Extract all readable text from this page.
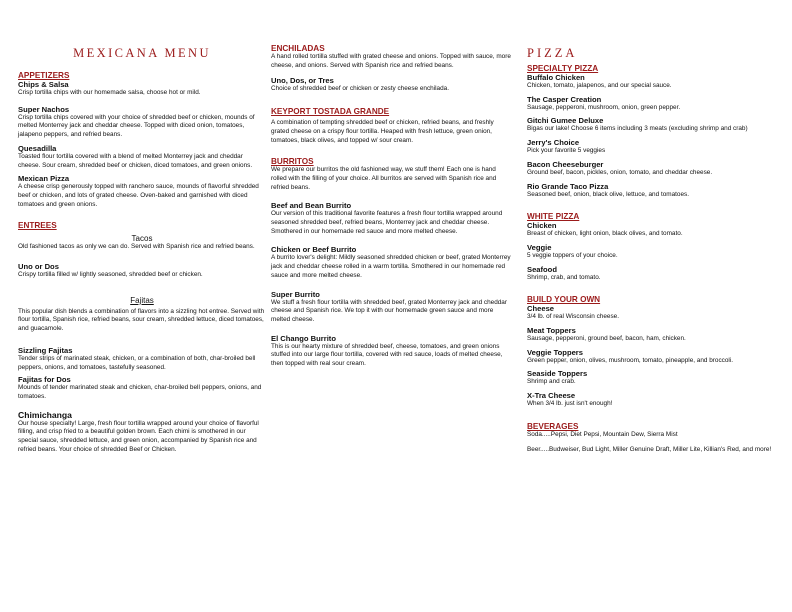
MEXICANA MENU
APPETIZERS
Chips & Salsa
Crisp tortilla chips with our homemade salsa, choose hot or mild.
Super Nachos
Crisp tortilla chips covered with your choice of shredded beef or chicken, mounds of melted Monterrey jack and cheddar cheese. Topped with diced onion, tomatoes, jalapeno peppers, and refried beans.
Quesadilla
Toasted flour tortilla covered with a blend of melted Monterrey jack and cheddar cheese. Sour cream, shredded beef or chicken, diced tomatoes, and green onions.
Mexican Pizza
A cheese crisp generously topped with ranchero sauce, mounds of flavorful shredded beef or chicken, and lots of grated cheese. Oven-baked and garnished with diced tomatoes and green onions.
ENTREES
Tacos
Old fashioned tacos as only we can do. Served with Spanish rice and refried beans.
Uno or Dos
Crispy tortilla filled w/ lightly seasoned, shredded beef or chicken.
Fajitas
This popular dish blends a combination of flavors into a sizzling hot entree. Served with flour tortilla, Spanish rice, refried beans, sour cream, shredded lettuce, diced tomatoes, and guacamole.
Sizzling Fajitas
Tender strips of marinated steak, chicken, or a combination of both, char-broiled bell peppers, onions, and tomatoes, tastefully seasoned.
Fajitas for Dos
Mounds of tender marinated steak and chicken, char-broiled bell peppers, onions, and tomatoes.
Chimichanga
Our house specialty! Large, fresh flour tortilla wrapped around your choice of flavorful filling, and crisp fried to a beautiful golden brown. Each chimi is smothered in our special sauce, shredded lettuce, and green onion, accompanied by Spanish rice and refried beans. Your choice of shredded Beef or Chicken.
ENCHILADAS
A hand rolled tortilla stuffed with grated cheese and onions. Topped with sauce, more cheese, and onions. Served with Spanish rice and refried beans.
Uno, Dos, or Tres
Choice of shredded beef or chicken or zesty cheese enchilada.
KEYPORT TOSTADA GRANDE
A combination of tempting shredded beef or chicken, refried beans, and freshly grated cheese on a crispy flour tortilla. Heaped with fresh lettuce, green onion, tomatoes, black olives, and topped w/ sour cream.
BURRITOS
We prepare our burritos the old fashioned way, we stuff them! Each one is hand rolled with the filling of your choice. All burritos are served with Spanish rice and refried beans.
Beef and Bean Burrito
Our version of this traditional favorite features a fresh flour tortilla wrapped around seasoned shredded beef, refried beans, Monterrey jack and cheddar cheese. Smothered in our homemade red sauce and more melted cheese.
Chicken or Beef Burrito
A burrito lover's delight: Mildly seasoned shredded chicken or beef, grated Monterrey jack and cheddar cheese rolled in a warm tortilla. Smothered in our homemade red sauce and more melted cheese.
Super Burrito
We stuff a fresh flour tortilla with shredded beef, grated Monterrey jack and cheddar cheese and Spanish rice. We top it with our homemade green sauce and more melted cheese.
El Chango Burrito
This is our hearty mixture of shredded beef, cheese, tomatoes, and green onions stuffed into our large flour tortilla, covered with red sauce, loads of melted cheese, then topped with real sour cream.
PIZZA
SPECIALTY PIZZA
Buffalo Chicken
Chicken, tomato, jalapenos, and our special sauce.
The Casper Creation
Sausage, pepperoni, mushroom, onion, green pepper.
Gitchi Gumee Deluxe
Bigas our lake! Choose 6 items including 3 meats (excluding shrimp and crab)
Jerry's Choice
Pick your favorite 5 veggies
Bacon Cheeseburger
Ground beef, bacon, pickles, onion, tomato, and cheddar cheese.
Rio Grande Taco Pizza
Seasoned beef, onion, black olive, lettuce, and tomatoes.
WHITE PIZZA
Chicken
Breast of chicken, light onion, black olives, and tomato.
Veggie
5 veggie toppers of your choice.
Seafood
Shrimp, crab, and tomato.
BUILD YOUR OWN
Cheese
3/4 lb. of real Wisconsin cheese.
Meat Toppers
Sausage, pepperoni, ground beef, bacon, ham, chicken.
Veggie Toppers
Green pepper, onion, olives, mushroom, tomato, pineapple, and broccoli.
Seaside Toppers
Shrimp and crab.
X-Tra Cheese
When 3/4 lb. just isn't enough!
BEVERAGES
Soda.....Pepsi, Diet Pepsi, Mountain Dew, Sierra Mist
Beer.....Budweiser, Bud Light, Miller Genuine Draft, Miller Lite, Killian's Red, and more!
